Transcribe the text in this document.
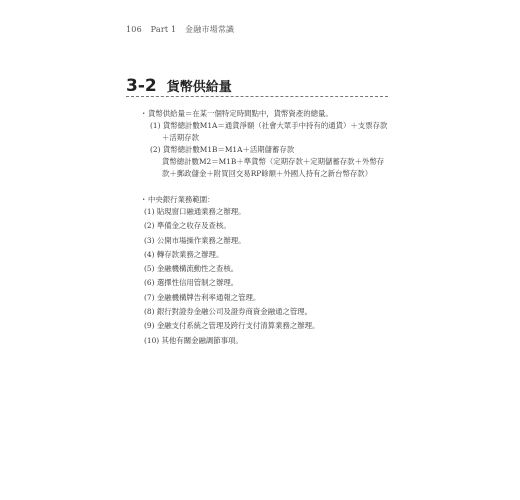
106 Part 1 金融市場常識
3-2 貨幣供給量
・ 貨幣供給量＝在某一個特定時間點中，貨幣資產的總量。
(1) 貨幣總計數M1A＝通貨淨額（社會大眾手中持有的通貨）＋支票存款＋活期存款
(2) 貨幣總計數M1B＝M1A＋活期儲蓄存款
貨幣總計數M2＝M1B＋準貨幣（定期存款＋定期儲蓄存款＋外幣存款＋郵政儲金＋附買回交易RP餘額＋外國人持有之新台幣存款）
・ 中央銀行業務範圍：
(1) 貼現窗口融通業務之辦理。
(2) 準備金之收存及查核。
(3) 公開市場操作業務之辦理。
(4) 轉存款業務之辦理。
(5) 金融機構流動性之查核。
(6) 選擇性信用管制之辦理。
(7) 金融機構牌告利率通報之管理。
(8) 銀行對證券金融公司及證券商資金融通之管理。
(9) 金融支付系統之管理及跨行支付清算業務之辦理。
(10) 其他有關金融調節事項。
